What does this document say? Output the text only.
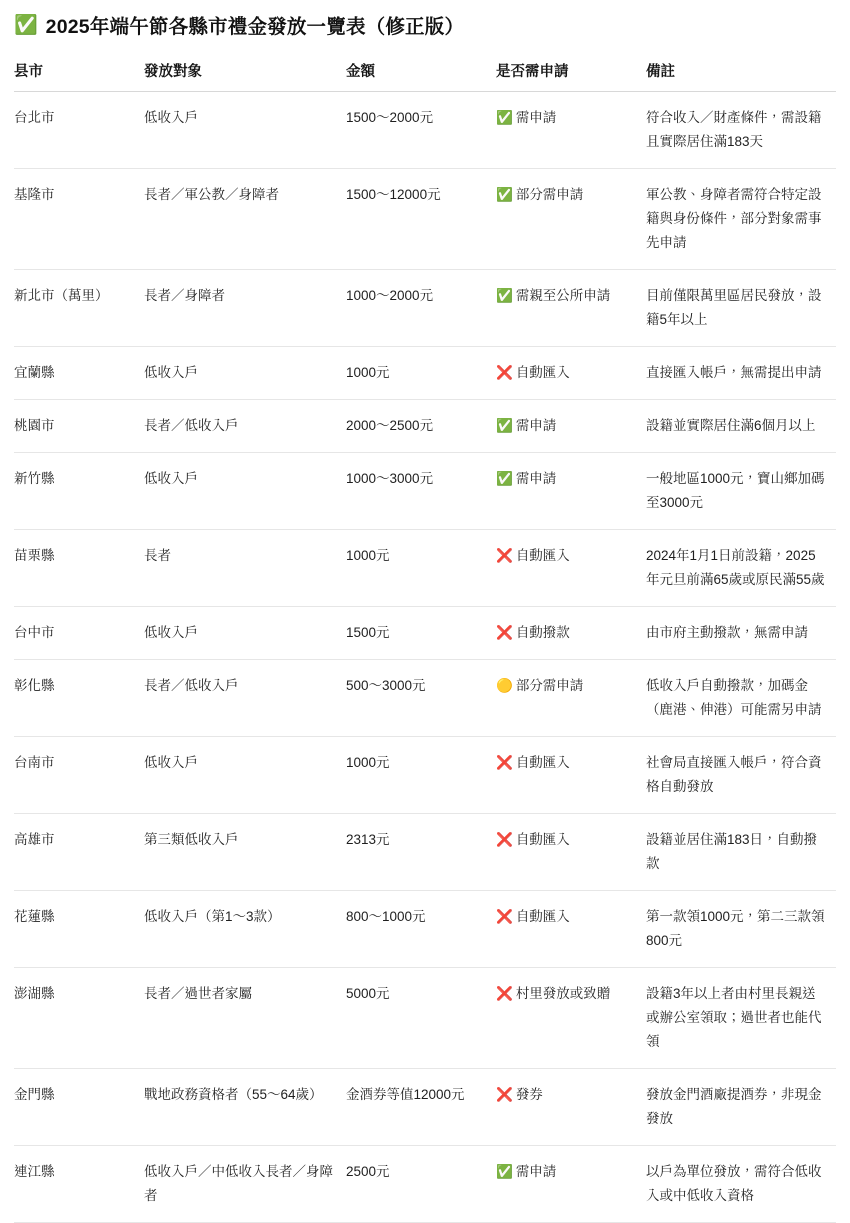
✅ 2025年端午節各縣市禮金發放一覽表（修正版）
县市	發放對象	金額	是否需申請	備註
台北市	低收入戶	1500～2000元	✅ 需申請	符合收入／財產條件，需設籍且實際居住滿183天
基隆市	長者／軍公教／身障者	1500～12000元	✅ 部分需申請	軍公教、身障者需符合特定設籍與身份條件，部分對象需事先申請
新北市（萬里）	長者／身障者	1000～2000元	✅ 需親至公所申請	目前僅限萬里區居民發放，設籍5年以上
宜蘭縣	低收入戶	1000元	❌ 自動匯入	直接匯入帳戶，無需提出申請
桃園市	長者／低收入戶	2000～2500元	✅ 需申請	設籍並實際居住滿6個月以上
新竹縣	低收入戶	1000～3000元	✅ 需申請	一般地區1000元，寶山鄉加碼至3000元
苗栗縣	長者	1000元	❌ 自動匯入	2024年1月1日前設籍，2025年元旦前滿65歲或原民滿55歲
台中市	低收入戶	1500元	❌ 自動撥款	由市府主動撥款，無需申請
彰化縣	長者／低收入戶	500～3000元	🟡 部分需申請	低收入戶自動撥款，加碼金（鹿港、伸港）可能需另申請
台南市	低收入戶	1000元	❌ 自動匯入	社會局直接匯入帳戶，符合資格自動發放
高雄市	第三類低收入戶	2313元	❌ 自動匯入	設籍並居住滿183日，自動撥款
花蓮縣	低收入戶（第1～3款）	800～1000元	❌ 自動匯入	第一款領1000元，第二三款領800元
澎湖縣	長者／過世者家屬	5000元	❌ 村里發放或致贈	設籍3年以上者由村里長親送或辦公室領取；過世者也能代領
金門縣	戰地政務資格者（55～64歲）	金酒券等值12000元	❌ 發券	發放金門酒廠提酒券，非現金發放
連江縣	低收入戶／中低收入長者／身障者	2500元	✅ 需申請	以戶為單位發放，需符合低收入或中低收入資格
